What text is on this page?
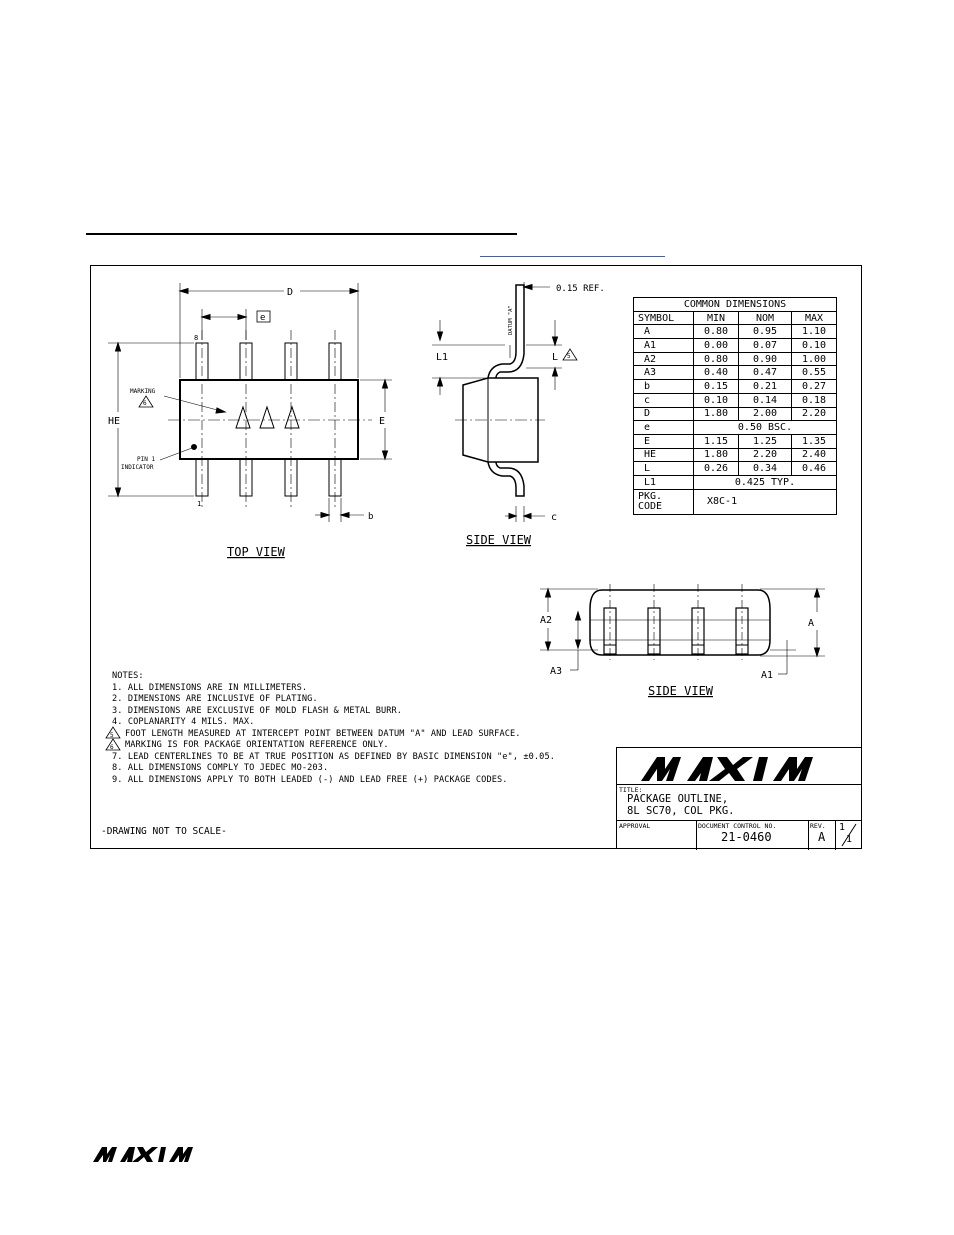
D
e
HE	E
b
8
1
MARKING
6
PIN 1
INDICATOR
TOP VIEW
0.15 REF.
DATUM "A"
L1	L 5
c
SIDE VIEW
A2
A3
A
A1
SIDE VIEW
5
6
COMMON DIMENSIONS			
SYMBOL	MIN	NOM	MAX
A	0.80	0.95	1.10
A1	0.00	0.07	0.10
A2	0.80	0.90	1.00
A3	0.40	0.47	0.55
b	0.15	0.21	0.27
c	0.10	0.14	0.18
D	1.80	2.00	2.20
e	0.50 BSC.		
E	1.15	1.25	1.35
HE	1.80	2.20	2.40
L	0.26	0.34	0.46
L1	0.425 TYP.		

PKG.
CODE	X8C-1		
NOTES:
1. ALL DIMENSIONS ARE IN MILLIMETERS.
2. DIMENSIONS ARE INCLUSIVE OF PLATING.
3. DIMENSIONS ARE EXCLUSIVE OF MOLD FLASH & METAL BURR.
4. COPLANARITY 4 MILS. MAX.
FOOT LENGTH MEASURED AT INTERCEPT POINT BETWEEN DATUM "A" AND LEAD SURFACE.
MARKING IS FOR PACKAGE ORIENTATION REFERENCE ONLY.
7. LEAD CENTERLINES TO BE AT TRUE POSITION AS DEFINED BY BASIC DIMENSION "e", ±0.05.
8. ALL DIMENSIONS COMPLY TO JEDEC MO-203.
9. ALL DIMENSIONS APPLY TO BOTH LEADED (-) AND LEAD FREE (+) PACKAGE CODES.
-DRAWING NOT TO SCALE-
TITLE:
PACKAGE OUTLINE,
8L SC70, COL PKG.
APPROVAL	DOCUMENT CONTROL NO.
21-0460
REV.
A
1
1
